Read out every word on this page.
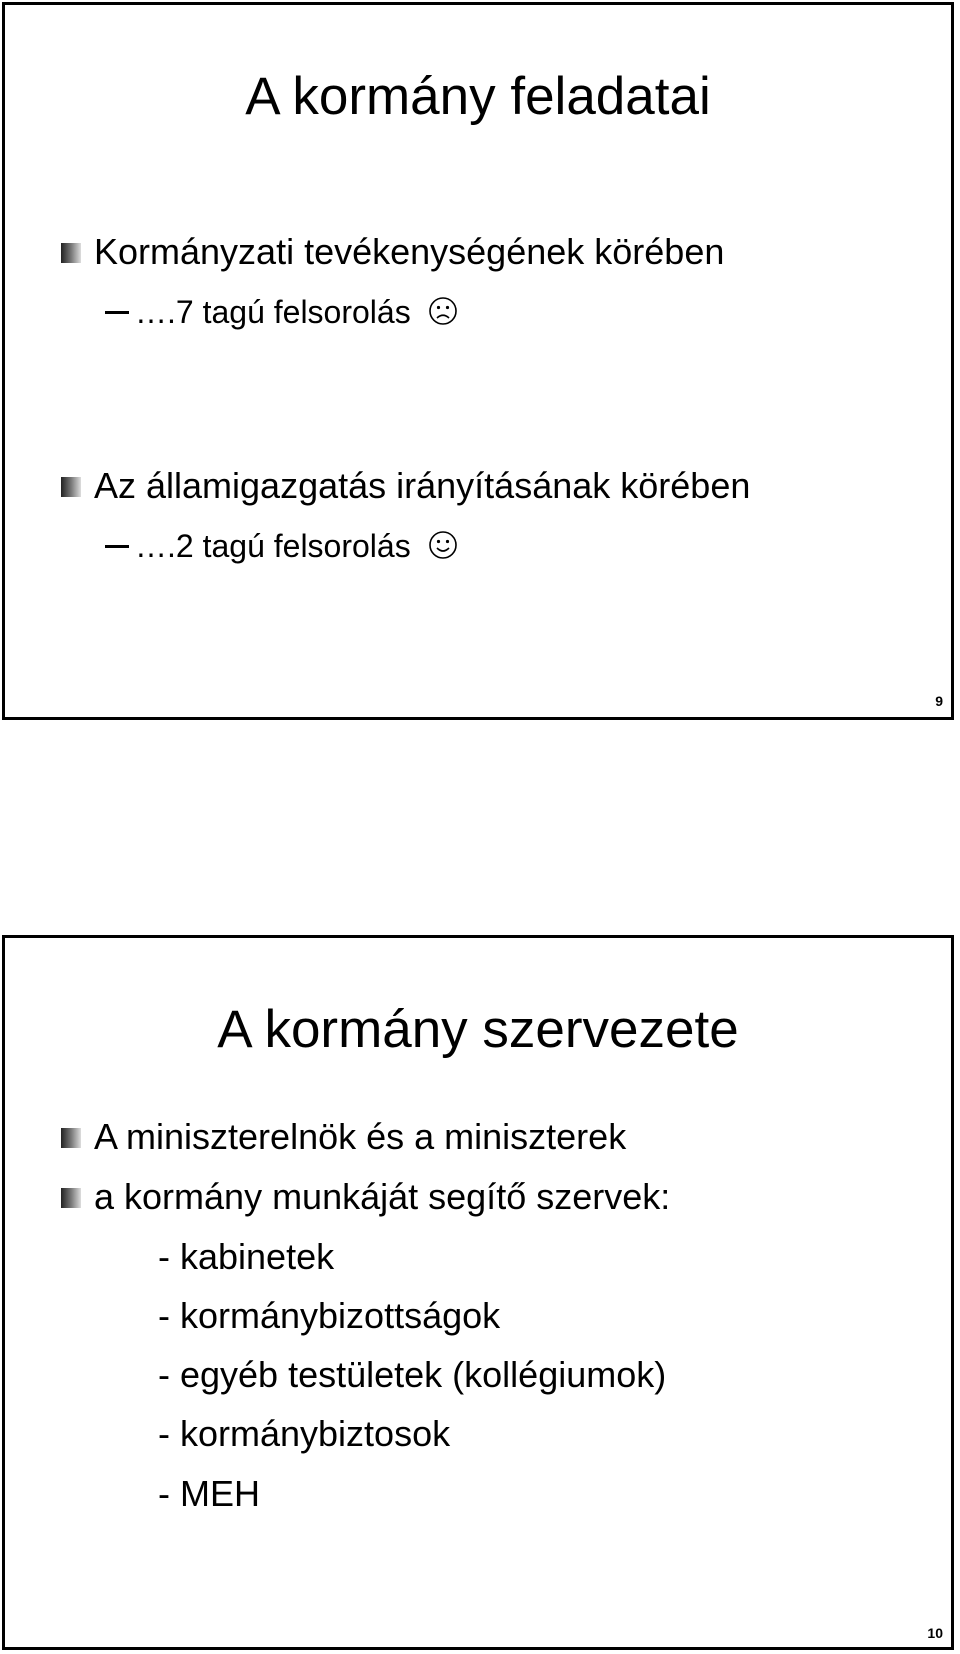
A kormány feladatai
Kormányzati tevékenységének körében
….7 tagú felsorolás
Az államigazgatás irányításának körében
….2 tagú felsorolás
9
A kormány szervezete
A miniszterelnök és a miniszterek
a kormány munkáját segítő szervek:
- kabinetek
- kormánybizottságok
- egyéb testületek (kollégiumok)
- kormánybiztosok
- MEH
10
